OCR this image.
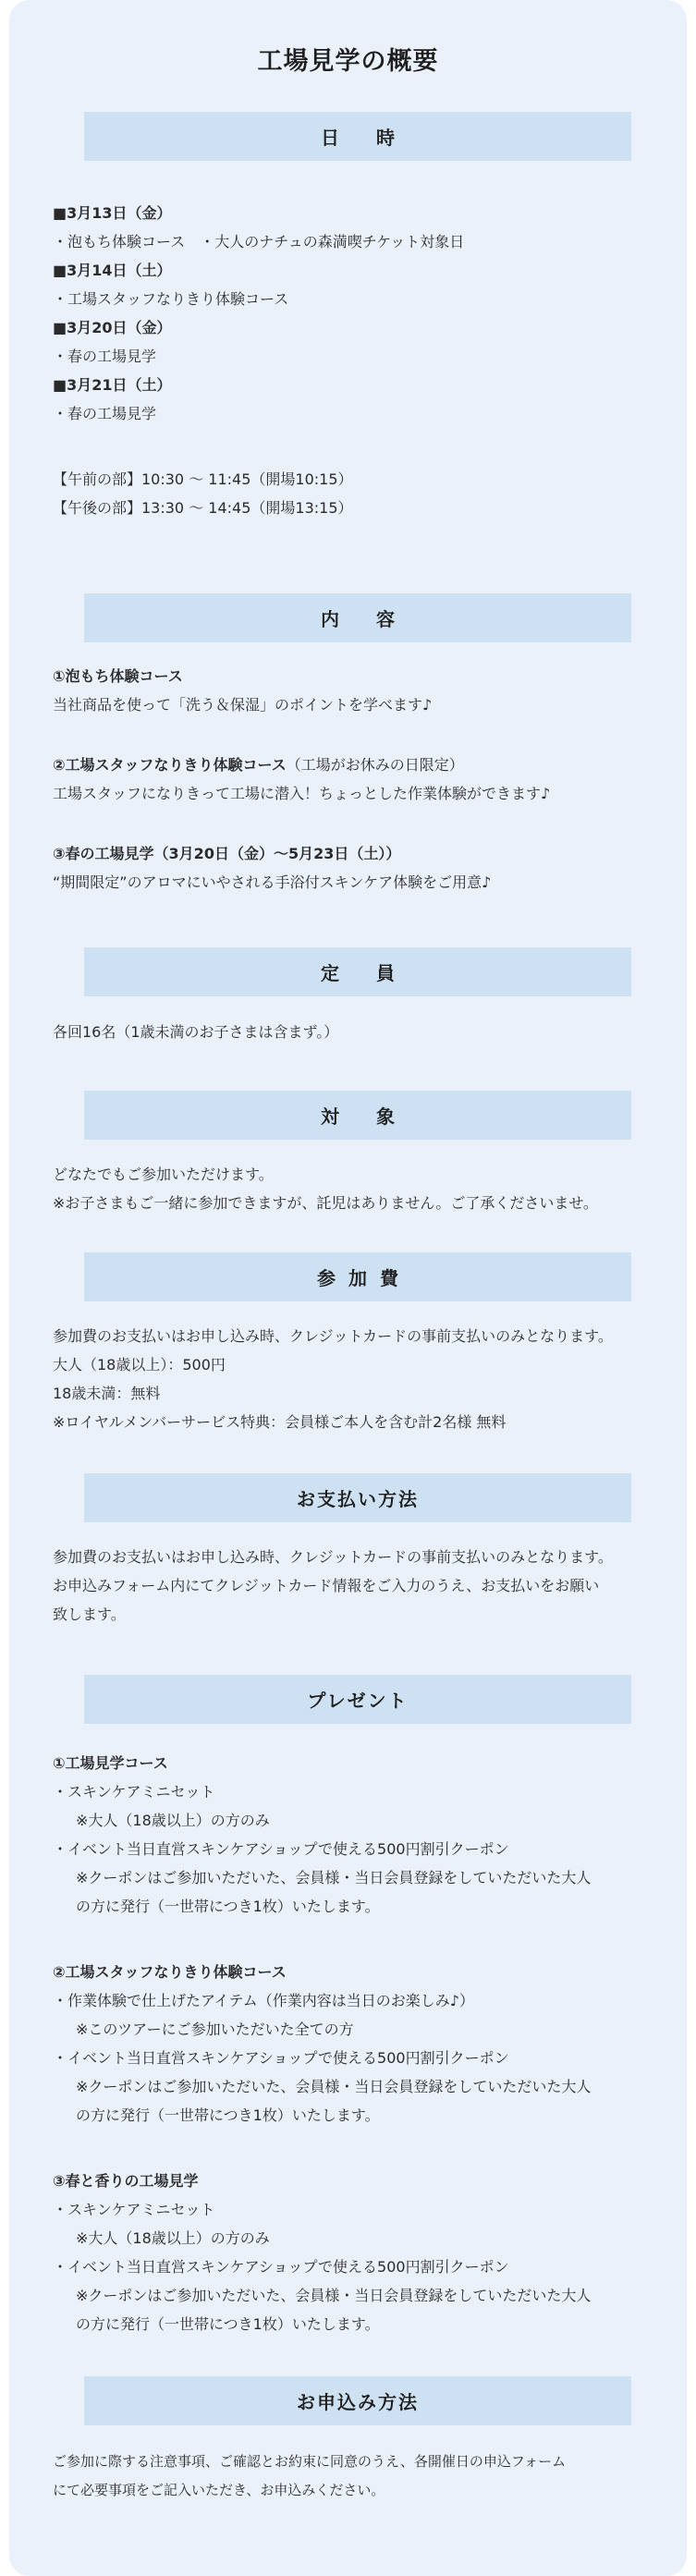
工場見学の概要
日時
■3月13日（金）
・泡もち体験コース　・大人のナチュの森満喫チケット対象日
■3月14日（土）
・工場スタッフなりきり体験コース
■3月20日（金）
・春の工場見学
■3月21日（土）
・春の工場見学
【午前の部】10:30 ～ 11:45（開場10:15）
【午後の部】13:30 ～ 14:45（開場13:15）
内容
①泡もち体験コース
当社商品を使って「洗う＆保湿」のポイントを学べます♪
②工場スタッフなりきり体験コース（工場がお休みの日限定）
工場スタッフになりきって工場に潜入！ちょっとした作業体験ができます♪
③春の工場見学（3月20日（金）～5月23日（土））
“期間限定”のアロマにいやされる手浴付スキンケア体験をご用意♪
定員
各回16名（1歳未満のお子さまは含まず。）
対象
どなたでもご参加いただけます。
※お子さまもご一緒に参加できますが、託児はありません。ご了承くださいませ。
参加費
参加費のお支払いはお申し込み時、クレジットカードの事前支払いのみとなります。
大人（18歳以上）：500円
18歳未満：無料
※ロイヤルメンバーサービス特典：会員様ご本人を含む計2名様 無料
お支払い方法
参加費のお支払いはお申し込み時、クレジットカードの事前支払いのみとなります。
お申込みフォーム内にてクレジットカード情報をご入力のうえ、お支払いをお願い
致します。
プレゼント
①工場見学コース
・スキンケアミニセット
※大人（18歳以上）の方のみ
・イベント当日直営スキンケアショップで使える500円割引クーポン
※クーポンはご参加いただいた、会員様・当日会員登録をしていただいた大人
の方に発行（一世帯につき1枚）いたします。
②工場スタッフなりきり体験コース
・作業体験で仕上げたアイテム（作業内容は当日のお楽しみ♪）
※このツアーにご参加いただいた全ての方
・イベント当日直営スキンケアショップで使える500円割引クーポン
※クーポンはご参加いただいた、会員様・当日会員登録をしていただいた大人
の方に発行（一世帯につき1枚）いたします。
③春と香りの工場見学
・スキンケアミニセット
※大人（18歳以上）の方のみ
・イベント当日直営スキンケアショップで使える500円割引クーポン
※クーポンはご参加いただいた、会員様・当日会員登録をしていただいた大人
の方に発行（一世帯につき1枚）いたします。
お申込み方法
ご参加に際する注意事項、ご確認とお約束に同意のうえ、各開催日の申込フォーム
にて必要事項をご記入いただき、お申込みください。
